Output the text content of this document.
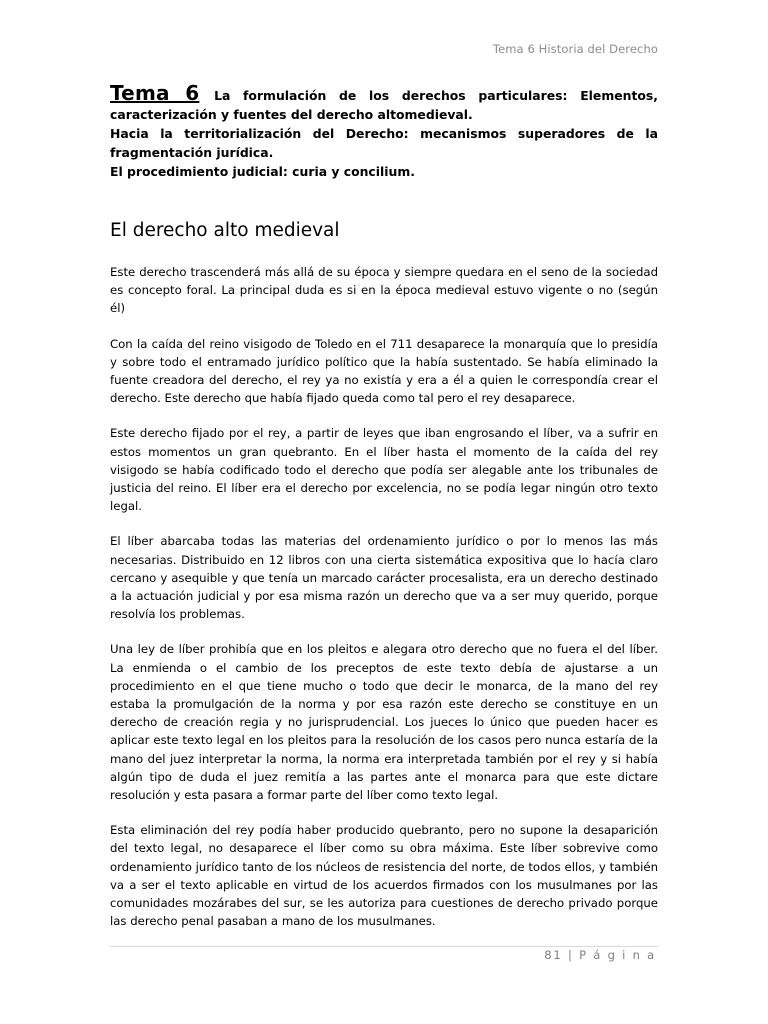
Tema 6 Historia del Derecho

Tema 6 La formulación de los derechos particulares: Elementos, caracterización y fuentes del derecho altomedieval.

Hacia la territorialización del Derecho: mecanismos superadores de la fragmentación jurídica.

El procedimiento judicial: curia y concilium.

El derecho alto medieval

Este derecho trascenderá más allá de su época y siempre quedara en el seno de la sociedad es concepto foral. La principal duda es si en la época medieval estuvo vigente o no (según él)

Con la caída del reino visigodo de Toledo en el 711 desaparece la monarquía que lo presidía y sobre todo el entramado jurídico político que la había sustentado. Se había eliminado la fuente creadora del derecho, el rey ya no existía y era a él a quien le correspondía crear el derecho. Este derecho que había fijado queda como tal pero el rey desaparece.

Este derecho fijado por el rey, a partir de leyes que iban engrosando el líber, va a sufrir en estos momentos un gran quebranto. En el líber hasta el momento de la caída del rey visigodo se había codificado todo el derecho que podía ser alegable ante los tribunales de justicia del reino. El líber era el derecho por excelencia, no se podía legar ningún otro texto legal.

El líber abarcaba todas las materias del ordenamiento jurídico o por lo menos las más necesarias. Distribuido en 12 libros con una cierta sistemática expositiva que lo hacía claro cercano y asequible y que tenía un marcado carácter procesalista, era un derecho destinado a la actuación judicial y por esa misma razón un derecho que va a ser muy querido, porque resolvía los problemas.

Una ley de líber prohibía que en los pleitos e alegara otro derecho que no fuera el del líber. La enmienda o el cambio de los preceptos de este texto debía de ajustarse a un procedimiento en el que tiene mucho o todo que decir le monarca, de la mano del rey estaba la promulgación de la norma y por esa razón este derecho se constituye en un derecho de creación regia y no jurisprudencial. Los jueces lo único que pueden hacer es aplicar este texto legal en los pleitos para la resolución de los casos pero nunca estaría de la mano del juez interpretar la norma, la norma era interpretada también por el rey y si había algún tipo de duda el juez remitía a las partes ante el monarca para que este dictare resolución y esta pasara a formar parte del líber como texto legal.

Esta eliminación del rey podía haber producido quebranto, pero no supone la desaparición del texto legal, no desaparece el líber como su obra máxima. Este líber sobrevive como ordenamiento jurídico tanto de los núcleos de resistencia del norte, de todos ellos, y también va a ser el texto aplicable en virtud de los acuerdos firmados con los musulmanes por las comunidades mozárabes del sur, se les autoriza para cuestiones de derecho privado porque las derecho penal pasaban a mano de los musulmanes.

81 | P á g i n a
